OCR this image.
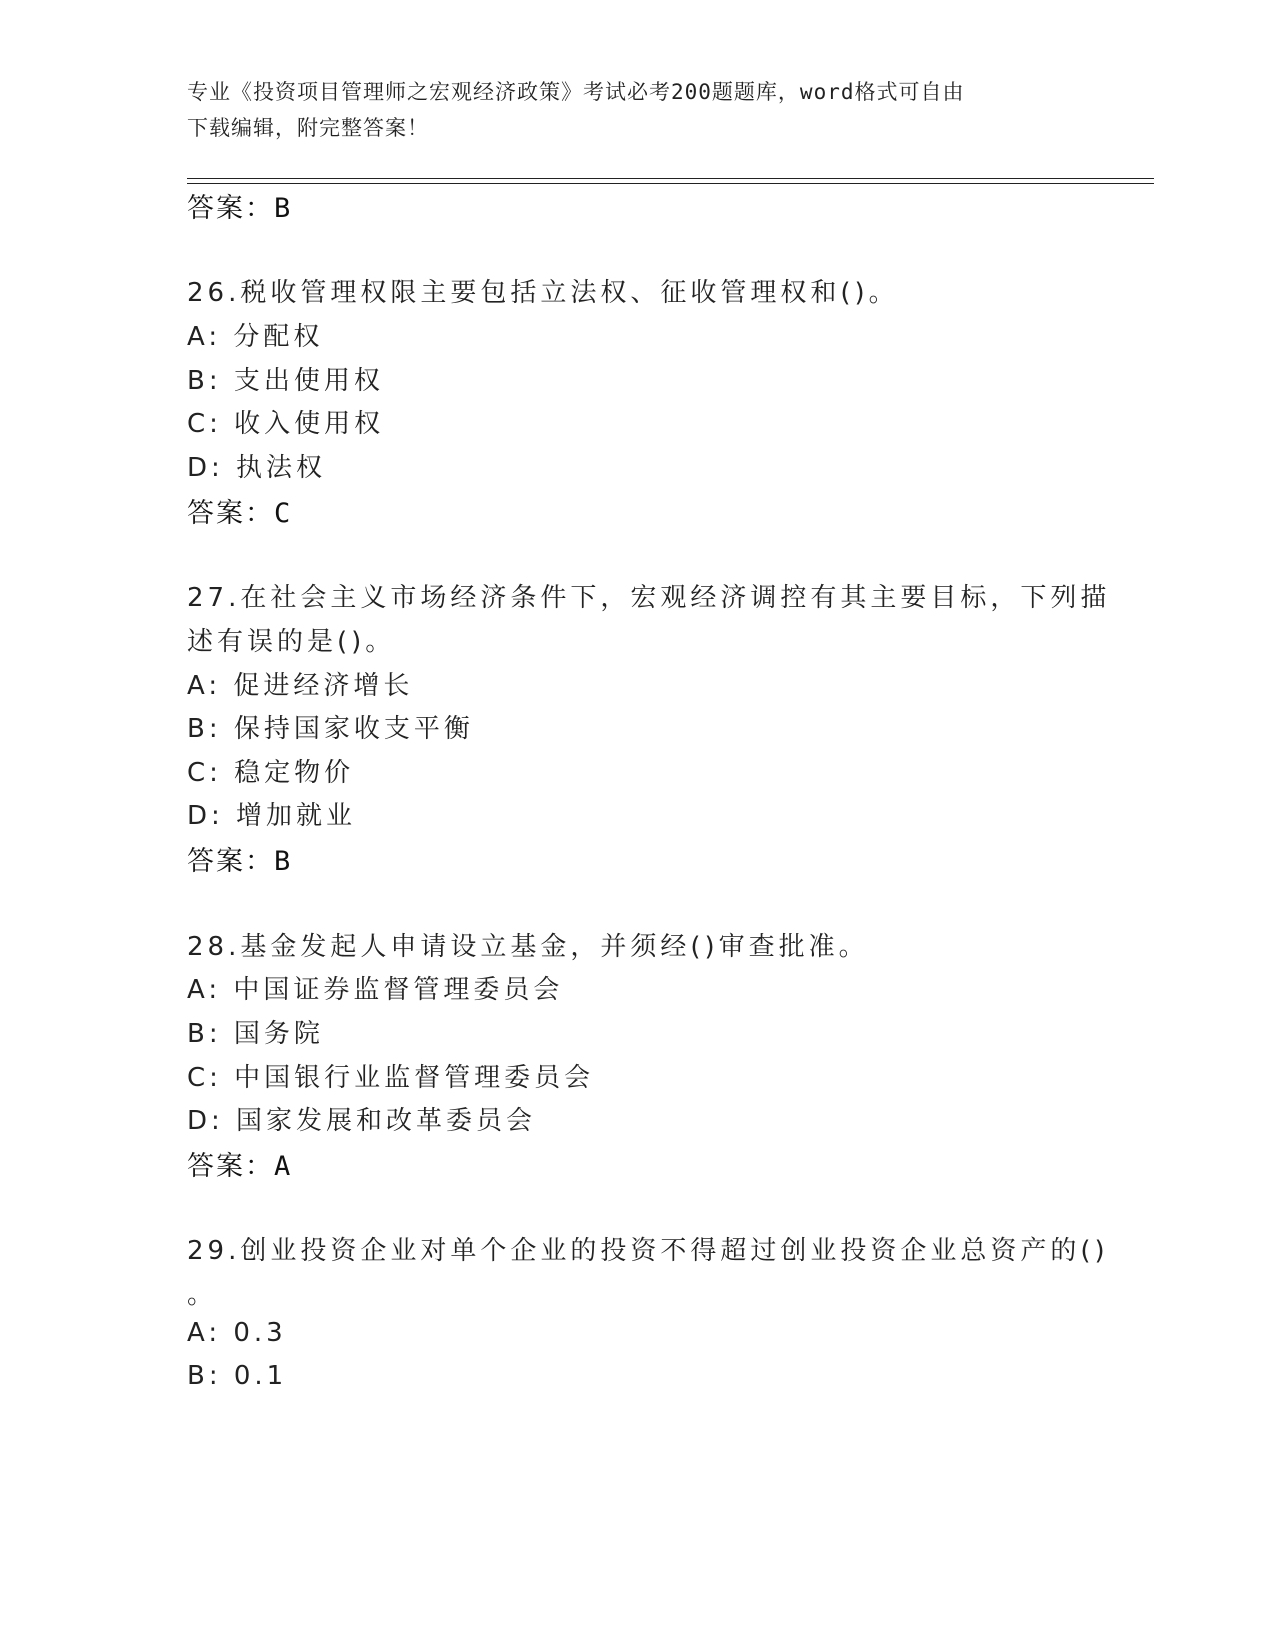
专业《投资项目管理师之宏观经济政策》考试必考200题题库，word格式可自由
下载编辑，附完整答案！
答案：B
26.税收管理权限主要包括立法权、征收管理权和()。
A: 分配权
B: 支出使用权
C: 收入使用权
D: 执法权
答案：C
27.在社会主义市场经济条件下，宏观经济调控有其主要目标，下列描
述有误的是()。
A: 促进经济增长
B: 保持国家收支平衡
C: 稳定物价
D: 增加就业
答案：B
28.基金发起人申请设立基金，并须经()审查批准。
A: 中国证券监督管理委员会
B: 国务院
C: 中国银行业监督管理委员会
D: 国家发展和改革委员会
答案：A
29.创业投资企业对单个企业的投资不得超过创业投资企业总资产的()
。
A: 0.3
B: 0.1
